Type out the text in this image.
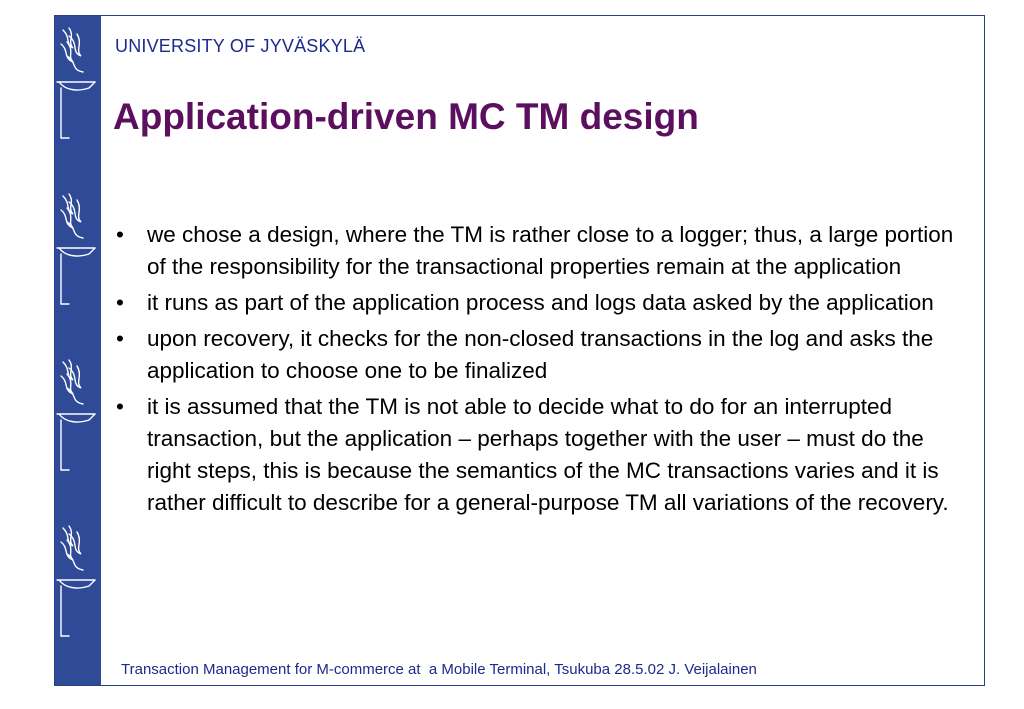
UNIVERSITY OF JYVÄSKYLÄ
Application-driven MC TM design
• we chose a design, where the TM is rather close to a logger; thus, a large portion of the responsibility for the transactional properties remain at the application
• it runs as part of the application process and logs data asked by the application
• upon recovery, it checks for the non-closed transactions in the log and asks the application to choose one to be finalized
• it is assumed that the TM is not able to decide what to do for an interrupted transaction, but the application – perhaps together with the user – must do the right steps, this is because the semantics of the MC transactions varies and it is rather difficult to describe for a general-purpose TM all variations of the recovery.
Transaction Management for M-commerce at  a Mobile Terminal, Tsukuba 28.5.02 J. Veijalainen
